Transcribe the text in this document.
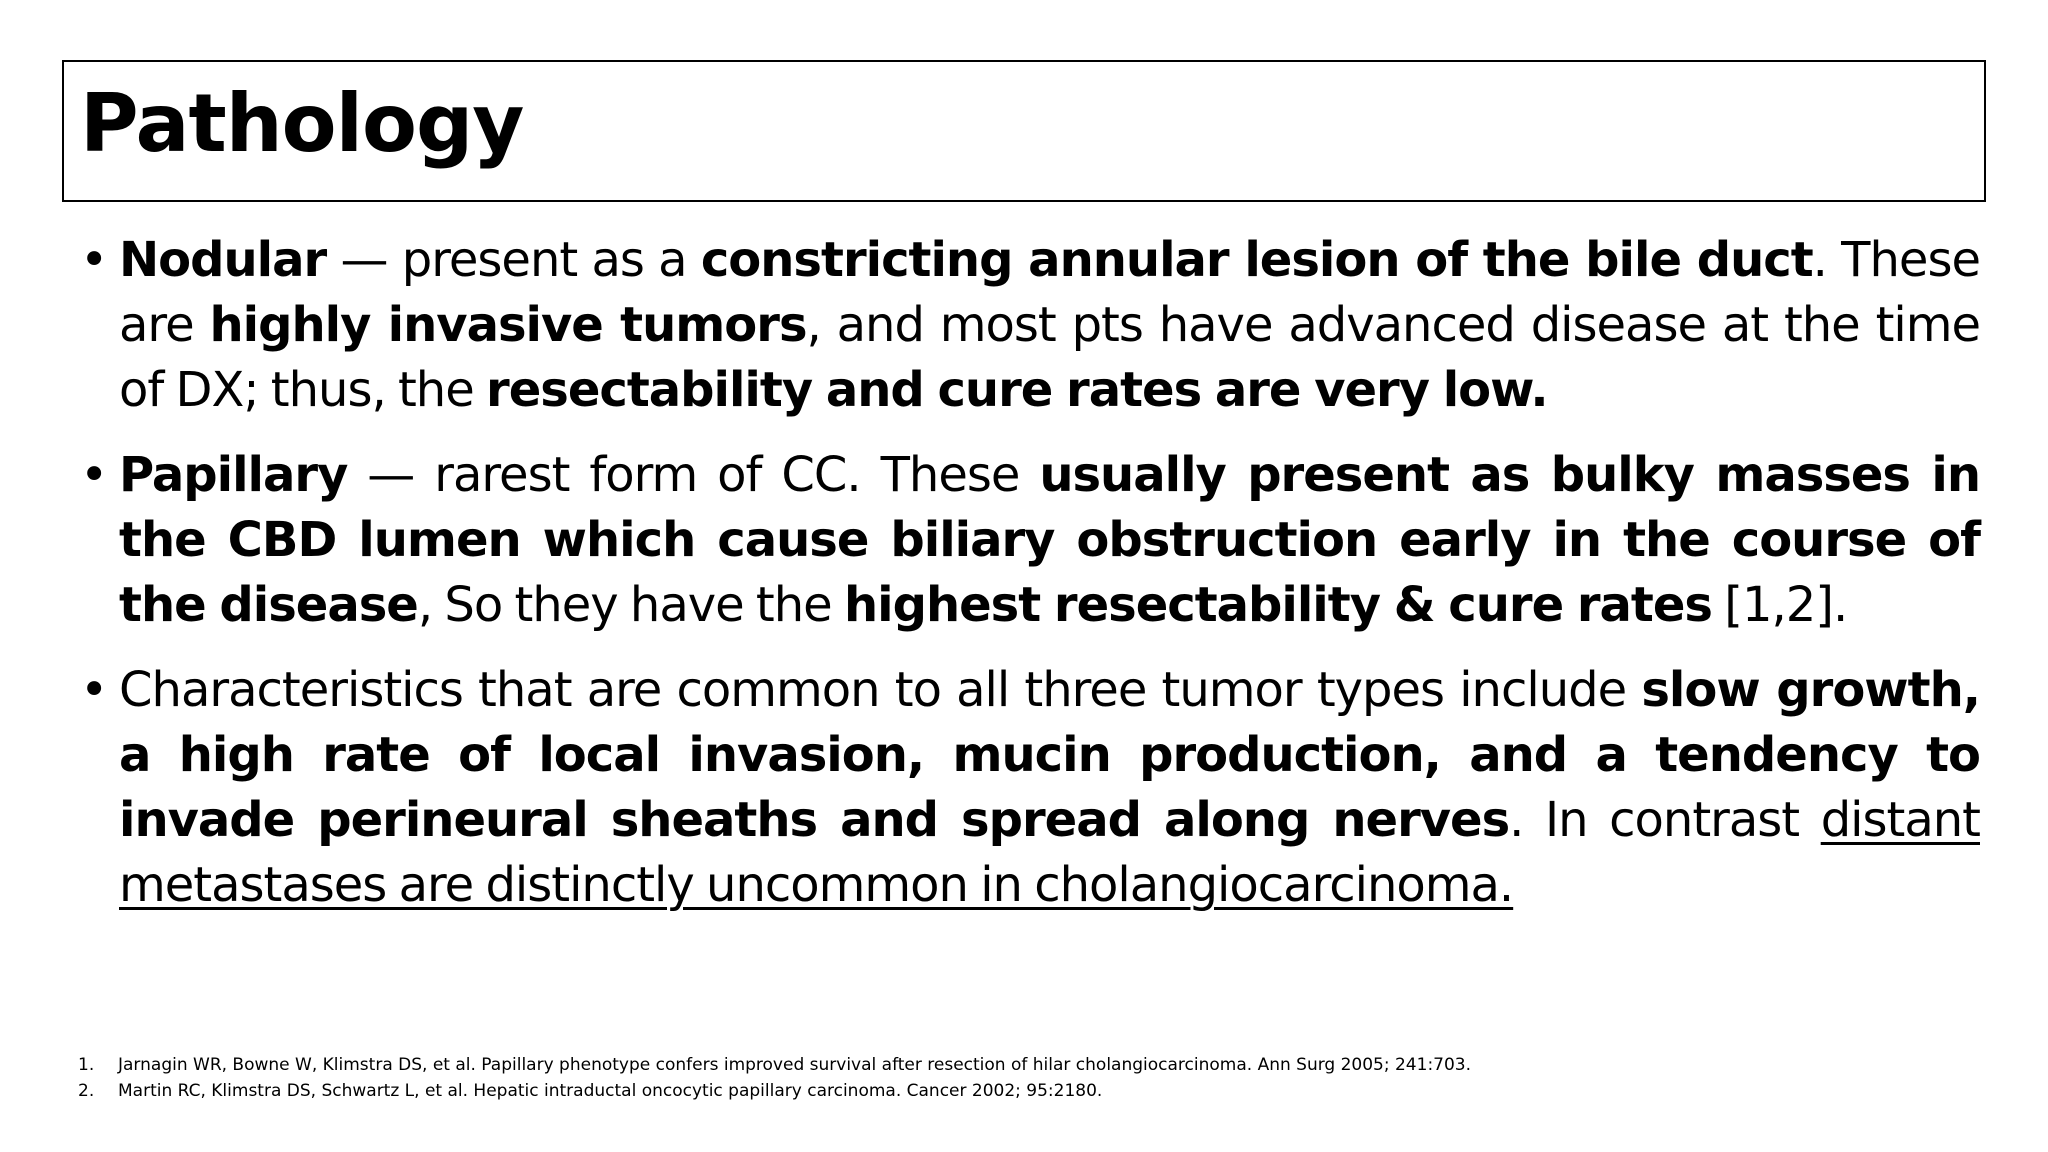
Pathology
• Nodular — present as a constricting annular lesion of the bile duct. These are highly invasive tumors, and most pts have advanced disease at the time of DX; thus, the resectability and cure rates are very low.
• Papillary — rarest form of CC. These usually present as bulky masses in the CBD lumen which cause biliary obstruction early in the course of the disease, So they have the highest resectability & cure rates [1,2].
• Characteristics that are common to all three tumor types include slow growth, a high rate of local invasion, mucin production, and a tendency to invade perineural sheaths and spread along nerves. In contrast distant metastases are distinctly uncommon in cholangiocarcinoma.
1. Jarnagin WR, Bowne W, Klimstra DS, et al. Papillary phenotype confers improved survival after resection of hilar cholangiocarcinoma. Ann Surg 2005; 241:703.
2. Martin RC, Klimstra DS, Schwartz L, et al. Hepatic intraductal oncocytic papillary carcinoma. Cancer 2002; 95:2180.
